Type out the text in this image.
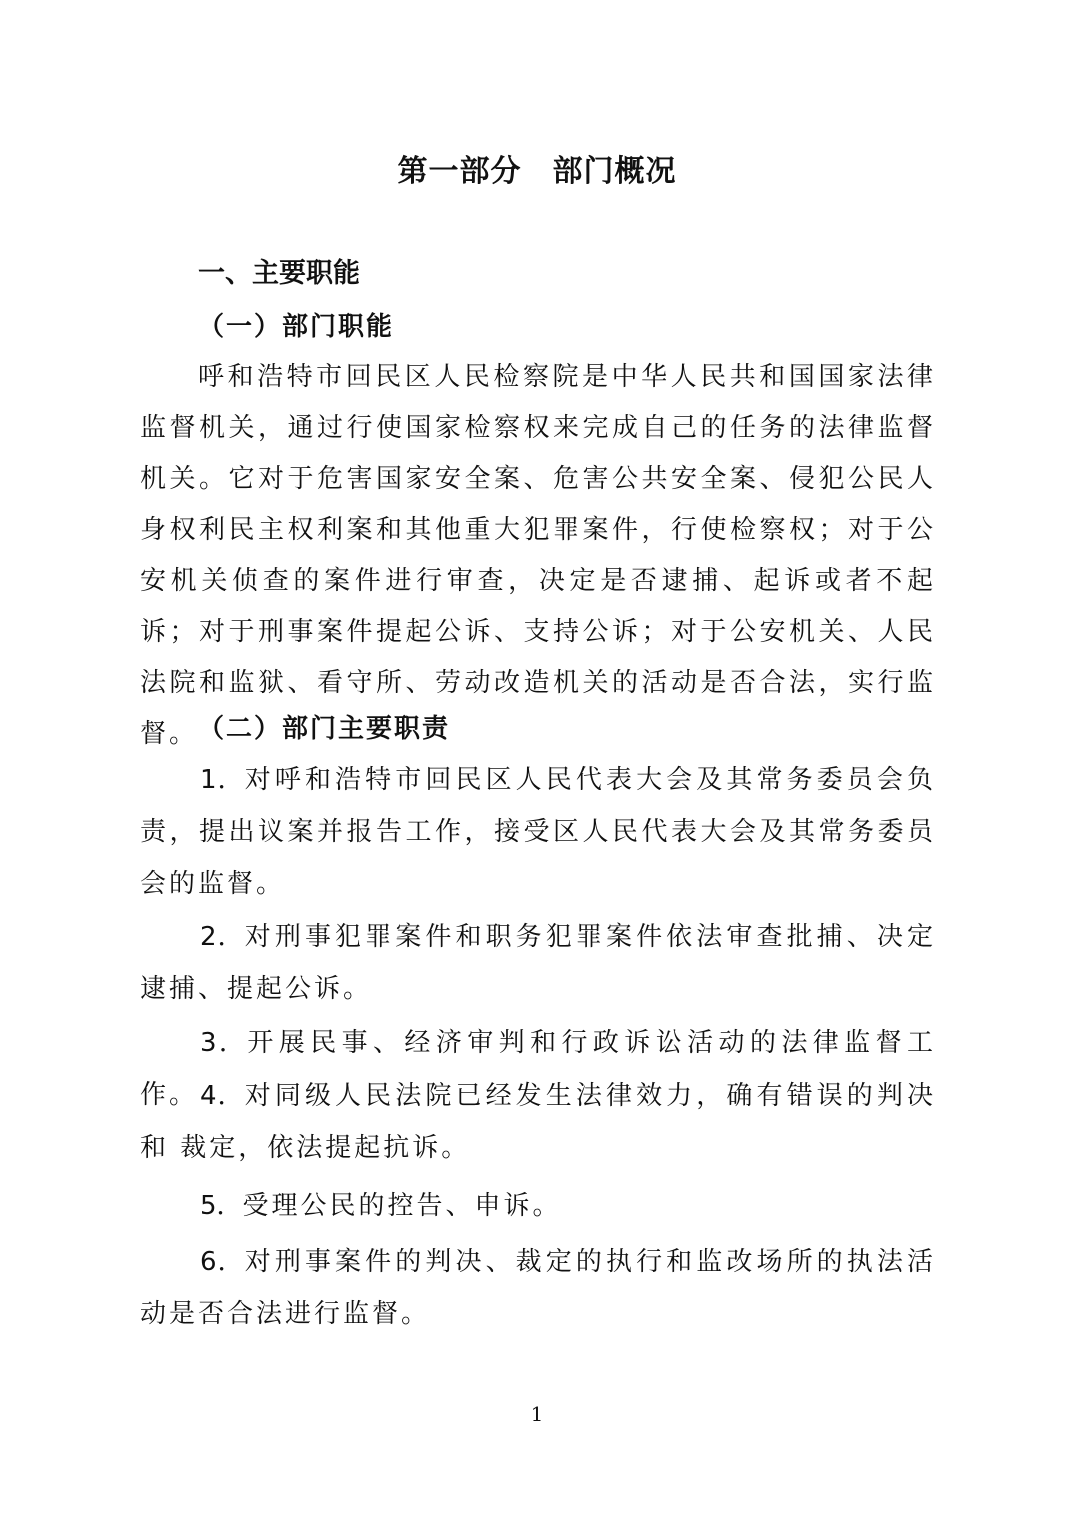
第一部分　部门概况
一、主要职能
（一）部门职能

呼和浩特市回民区人民检察院是中华人民共和国国家法律监督机关，通过行使国家检察权来完成自己的任务的法律监督机关。它对于危害国家安全案、危害公共安全案、侵犯公民人身权利民主权利案和其他重大犯罪案件，行使检察权；对于公安机关侦查的案件进行审查，决定是否逮捕、起诉或者不起诉；对于刑事案件提起公诉、支持公诉；对于公安机关、人民法院和监狱、看守所、劳动改造机关的活动是否合法，实行监督。 （二）部门主要职责

1．对呼和浩特市回民区人民代表大会及其常务委员会负责，提出议案并报告工作，接受区人民代表大会及其常务委员会的监督。

2．对刑事犯罪案件和职务犯罪案件依法审查批捕、决定逮捕、提起公诉。

3．开展民事、经济审判和行政诉讼活动的法律监督工作。 4．对同级人民法院已经发生法律效力，确有错误的判决和 裁定，依法提起抗诉。

5．受理公民的控告、申诉。

6．对刑事案件的判决、裁定的执行和监改场所的执法活动是否合法进行监督。

1
